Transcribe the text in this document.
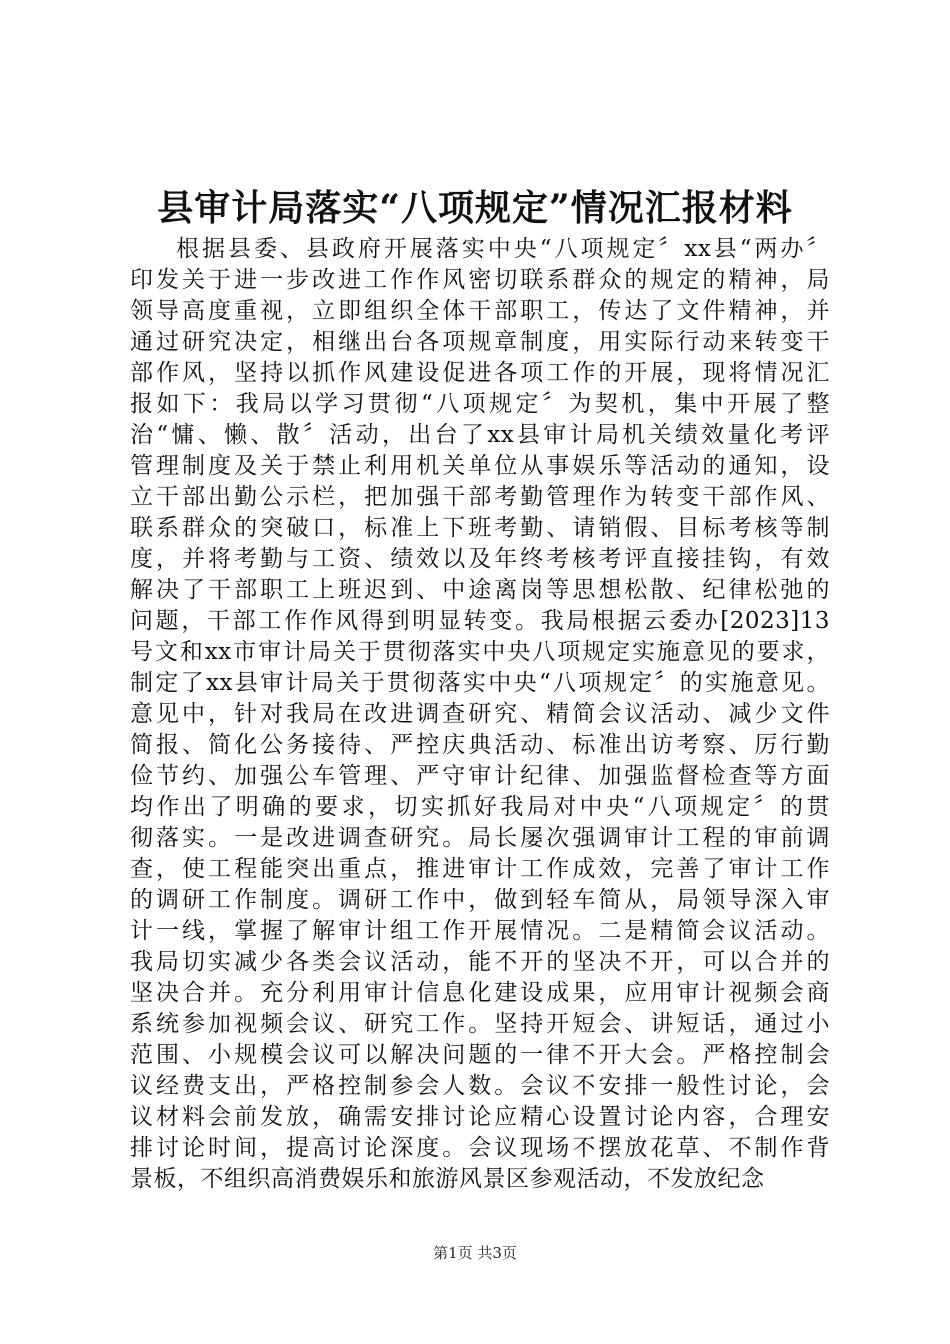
县审计局落实“八项规定”情况汇报材料
根据县委、县政府开展落实中央“八项规定〞xx县“两办〞
印发关于进一步改进工作作风密切联系群众的规定的精神，局
领导高度重视，立即组织全体干部职工，传达了文件精神，并
通过研究决定，相继出台各项规章制度，用实际行动来转变干
部作风，坚持以抓作风建设促进各项工作的开展，现将情况汇
报如下：我局以学习贯彻“八项规定〞为契机，集中开展了整
治“慵、懒、散〞活动，出台了xx县审计局机关绩效量化考评
管理制度及关于禁止利用机关单位从事娱乐等活动的通知，设
立干部出勤公示栏，把加强干部考勤管理作为转变干部作风、
联系群众的突破口，标准上下班考勤、请销假、目标考核等制
度，并将考勤与工资、绩效以及年终考核考评直接挂钩，有效
解决了干部职工上班迟到、中途离岗等思想松散、纪律松弛的
问题，干部工作作风得到明显转变。我局根据云委办[2023]13
号文和xx市审计局关于贯彻落实中央八项规定实施意见的要求，
制定了xx县审计局关于贯彻落实中央“八项规定〞的实施意见。
意见中，针对我局在改进调查研究、精简会议活动、减少文件
简报、简化公务接待、严控庆典活动、标准出访考察、厉行勤
俭节约、加强公车管理、严守审计纪律、加强监督检查等方面
均作出了明确的要求，切实抓好我局对中央“八项规定〞的贯
彻落实。一是改进调查研究。局长屡次强调审计工程的审前调
查，使工程能突出重点，推进审计工作成效，完善了审计工作
的调研工作制度。调研工作中，做到轻车简从，局领导深入审
计一线，掌握了解审计组工作开展情况。二是精简会议活动。
我局切实减少各类会议活动，能不开的坚决不开，可以合并的
坚决合并。充分利用审计信息化建设成果，应用审计视频会商
系统参加视频会议、研究工作。坚持开短会、讲短话，通过小
范围、小规模会议可以解决问题的一律不开大会。严格控制会
议经费支出，严格控制参会人数。会议不安排一般性讨论，会
议材料会前发放，确需安排讨论应精心设置讨论内容，合理安
排讨论时间，提高讨论深度。会议现场不摆放花草、不制作背
景板，不组织高消费娱乐和旅游风景区参观活动，不发放纪念
第1页 共3页
